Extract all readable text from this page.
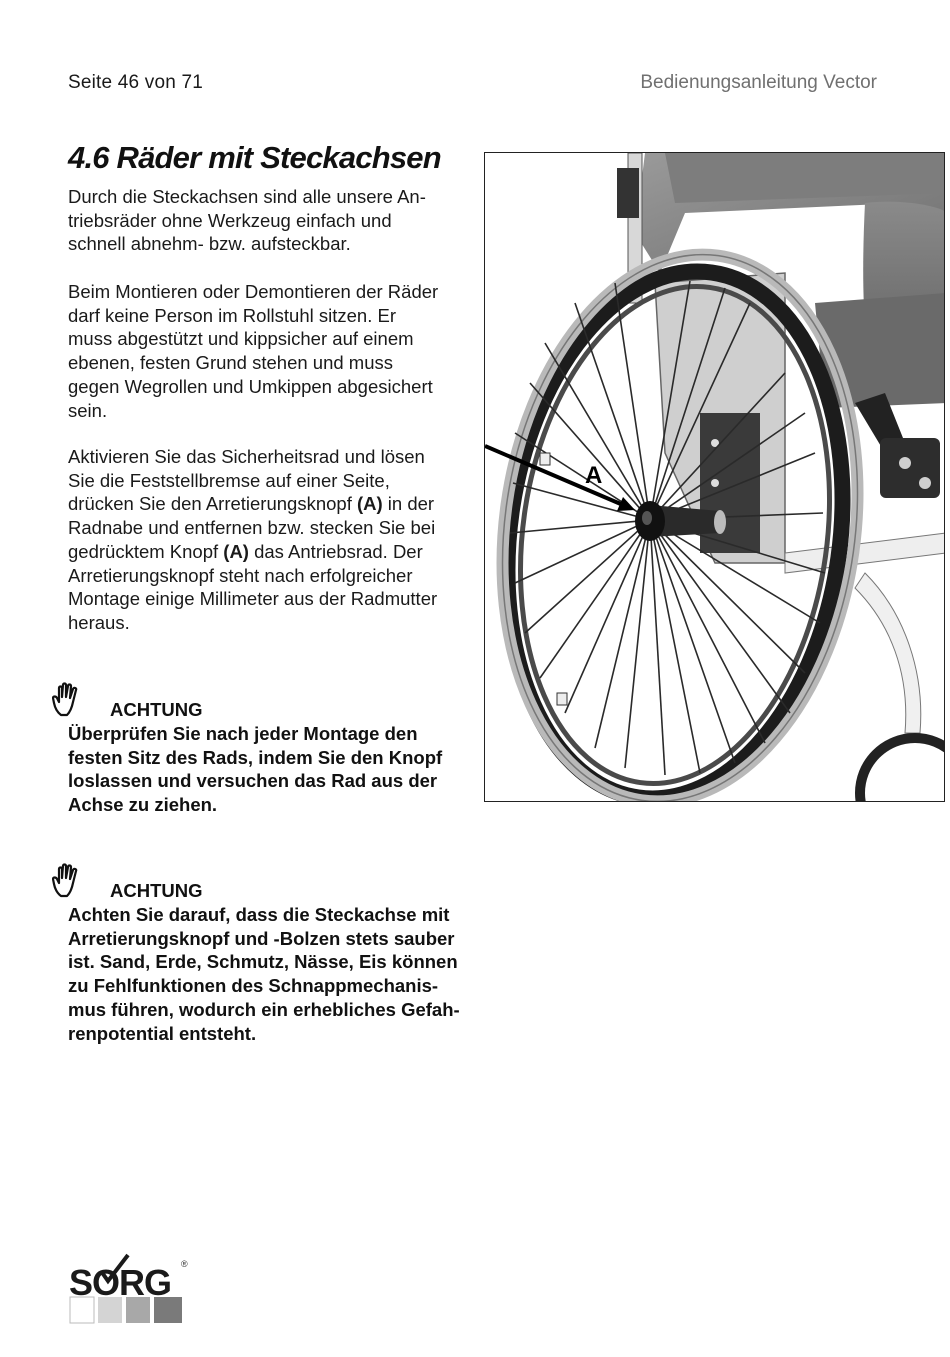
Seite 46 von 71	Bedienungsanleitung Vector
4.6 Räder mit Steckachsen

Durch die Steckachsen sind alle unsere An-

triebsräder ohne Werkzeug einfach und

schnell abnehm- bzw. aufsteckbar.

Beim Montieren oder Demontieren der Räder

darf keine Person im Rollstuhl sitzen. Er

muss abgestützt und kippsicher auf einem

ebenen, festen Grund stehen und muss

gegen Wegrollen und Umkippen abgesichert

sein.

Aktivieren Sie das Sicherheitsrad und lösen

Sie die Feststellbremse auf einer Seite,

drücken Sie den Arretierungsknopf (A) in der

Radnabe und entfernen bzw. stecken Sie bei

gedrücktem Knopf (A) das Antriebsrad. Der

Arretierungsknopf steht nach erfolgreicher

Montage einige Millimeter aus der Radmutter

heraus.

ACHTUNG
Überprüfen Sie nach jeder Montage den
festen Sitz des Rads, indem Sie den Knopf
loslassen und versuchen das Rad aus der
Achse zu ziehen.
ACHTUNG
Achten Sie darauf, dass die Steckachse mit
Arretierungsknopf und -Bolzen stets sauber
ist. Sand, Erde, Schmutz, Nässe, Eis können
zu Fehlfunktionen des Schnappmechanis-
mus führen, wodurch ein erhebliches Gefah-
renpotential entsteht.
A
SORG ®
